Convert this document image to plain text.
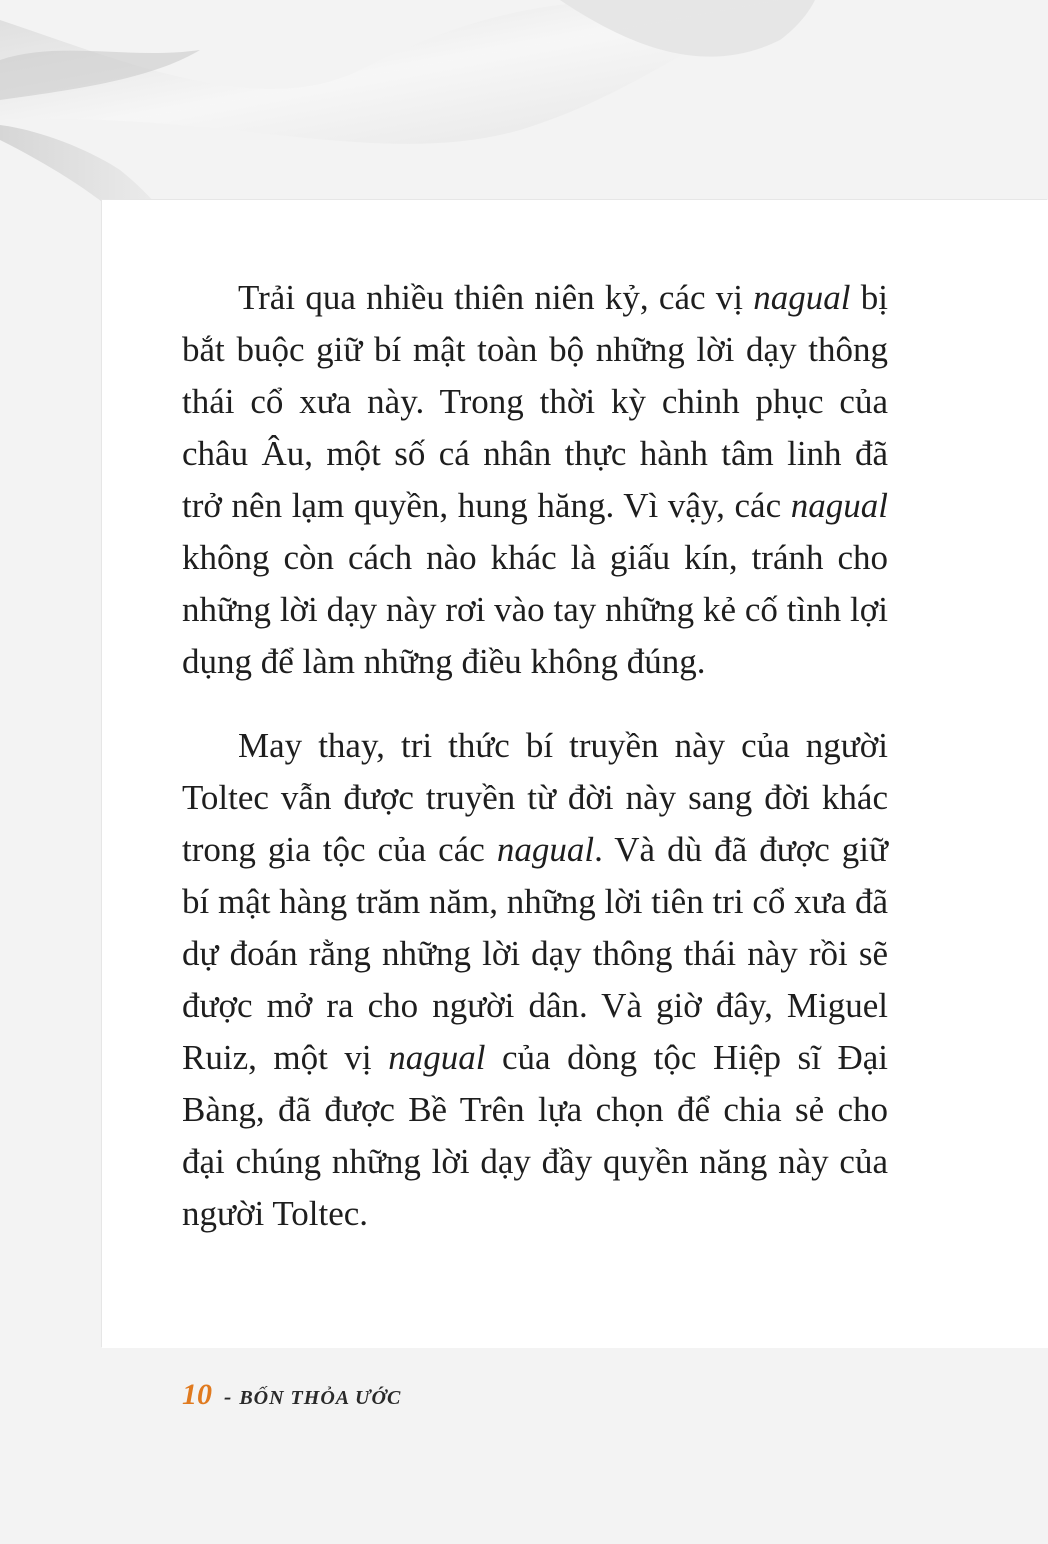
Trải qua nhiều thiên niên kỷ, các vị nagual bị bắt buộc giữ bí mật toàn bộ những lời dạy thông thái cổ xưa này. Trong thời kỳ chinh phục của châu Âu, một số cá nhân thực hành tâm linh đã trở nên lạm quyền, hung hăng. Vì vậy, các nagual không còn cách nào khác là giấu kín, tránh cho những lời dạy này rơi vào tay những kẻ cố tình lợi dụng để làm những điều không đúng.

May thay, tri thức bí truyền này của người Toltec vẫn được truyền từ đời này sang đời khác trong gia tộc của các nagual. Và dù đã được giữ bí mật hàng trăm năm, những lời tiên tri cổ xưa đã dự đoán rằng những lời dạy thông thái này rồi sẽ được mở ra cho người dân. Và giờ đây, Miguel Ruiz, một vị nagual của dòng tộc Hiệp sĩ Đại Bàng, đã được Bề Trên lựa chọn để chia sẻ cho đại chúng những lời dạy đầy quyền năng này của người Toltec.

10 - BỐN THỎA ƯỚC
